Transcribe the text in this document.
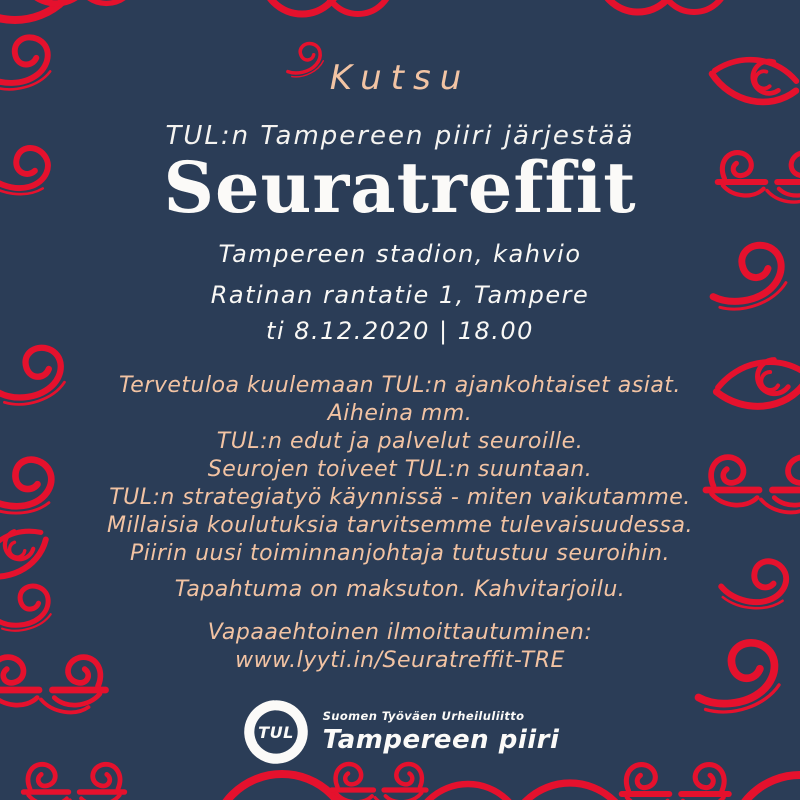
Kutsu
TUL:n Tampereen piiri järjestää
Seuratreffit
Tampereen stadion, kahvio
Ratinan rantatie 1, Tampere
ti 8.12.2020 | 18.00
Tervetuloa kuulemaan TUL:n ajankohtaiset asiat.
Aiheina mm.
TUL:n edut ja palvelut seuroille.
Seurojen toiveet TUL:n suuntaan.
TUL:n strategiatyö käynnissä - miten vaikutamme.
Millaisia koulutuksia tarvitsemme tulevaisuudessa.
Piirin uusi toiminnanjohtaja tutustuu seuroihin.
Tapahtuma on maksuton. Kahvitarjoilu.
Vapaaehtoinen ilmoittautuminen:
www.lyyti.in/Seuratreffit-TRE
TUL
Suomen Työväen Urheiluliitto
Tampereen piiri
